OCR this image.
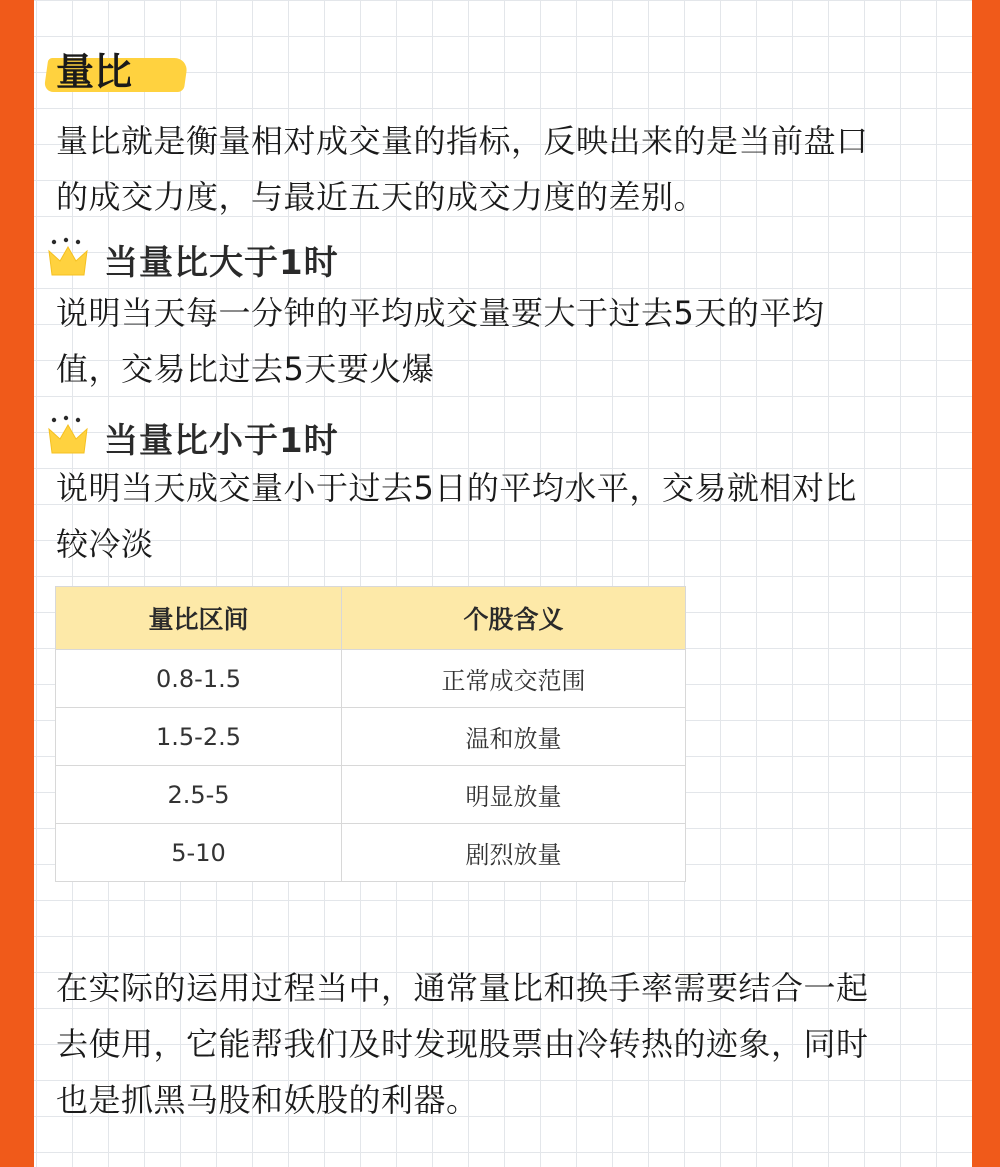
量比

量比就是衡量相对成交量的指标，反映出来的是当前盘口
的成交力度，与最近五天的成交力度的差别。

当量比大于1时

说明当天每一分钟的平均成交量要大于过去5天的平均
值，交易比过去5天要火爆

当量比小于1时

说明当天成交量小于过去5日的平均水平，交易就相对比
较冷淡

量比区间	个股含义
0.8-1.5	正常成交范围
1.5-2.5	温和放量
2.5-5	明显放量
5-10	剧烈放量

在实际的运用过程当中，通常量比和换手率需要结合一起
去使用，它能帮我们及时发现股票由冷转热的迹象，同时
也是抓黑马股和妖股的利器。
